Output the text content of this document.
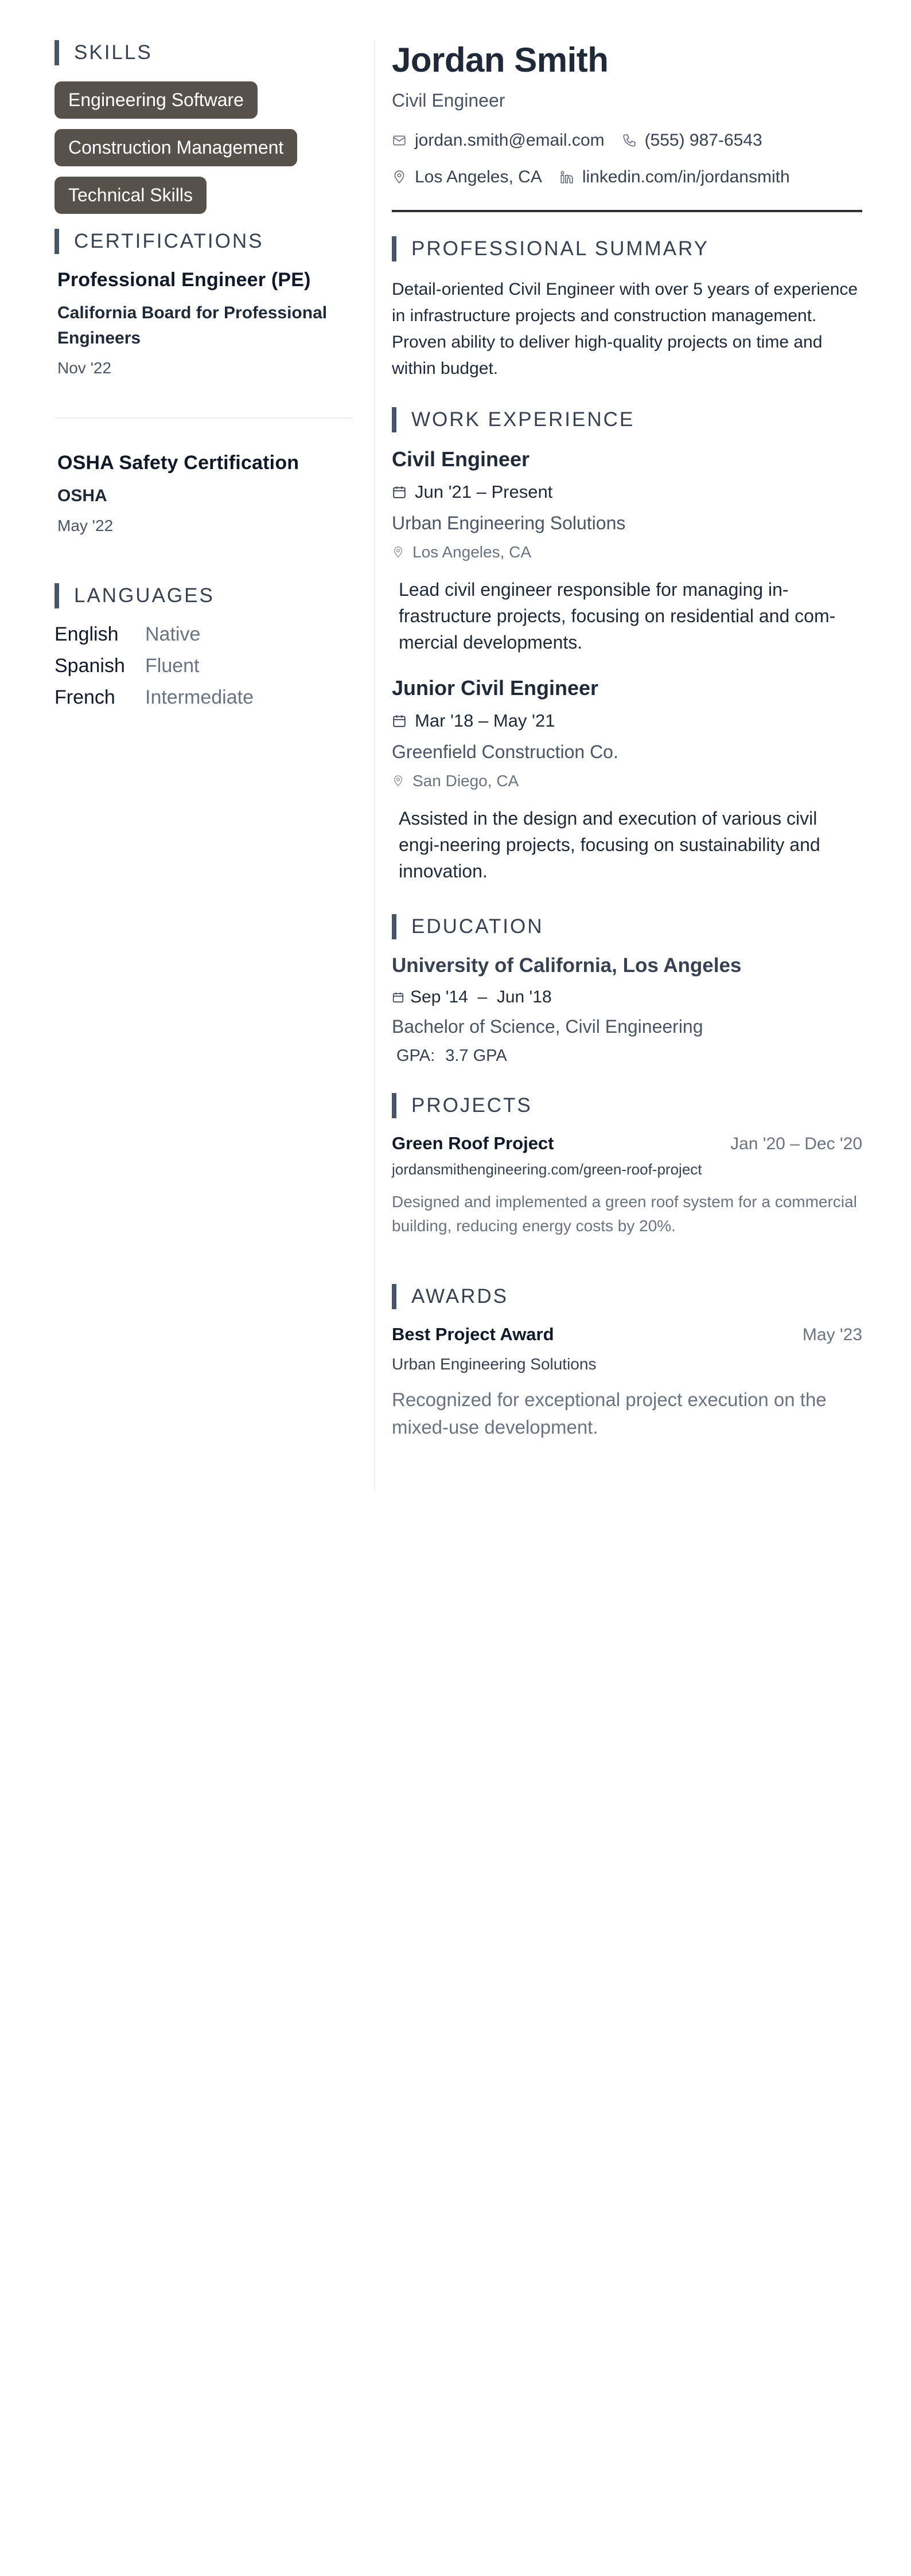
SKILLS
Engineering Software
Construction Management
Technical Skills
CERTIFICATIONS
Professional Engineer (PE)
California Board for Professional Engineers
Nov '22
OSHA Safety Certification
OSHA
May '22
LANGUAGES
English	Native
Spanish	Fluent
French	Intermediate
Jordan Smith
Civil Engineer
jordan.smith@email.com (555) 987-6543
Los Angeles, CA linkedin.com/in/jordansmith
PROFESSIONAL SUMMARY
Detail-oriented Civil Engineer with over 5 years of experience in infrastructure projects and construction management. Proven ability to deliver high-quality projects on time and within budget.
WORK EXPERIENCE
Civil Engineer
Jun '21 – Present
Urban Engineering Solutions
Los Angeles, CA
Lead civil engineer responsible for managing in-frastructure projects, focusing on residential and com-mercial developments.
Junior Civil Engineer
Mar '18 – May '21
Greenfield Construction Co.
San Diego, CA
Assisted in the design and execution of various civil engi-neering projects, focusing on sustainability and innovation.
EDUCATION
University of California, Los Angeles
Sep '14  –  Jun '18
Bachelor of Science, Civil Engineering
GPA: 3.7 GPA
PROJECTS
Green Roof Project	Jan '20 – Dec '20
jordansmithengineering.com/green-roof-project
Designed and implemented a green roof system for a commercial building, reducing energy costs by 20%.
AWARDS
Best Project Award	May '23
Urban Engineering Solutions
Recognized for exceptional project execution on the mixed-use development.
